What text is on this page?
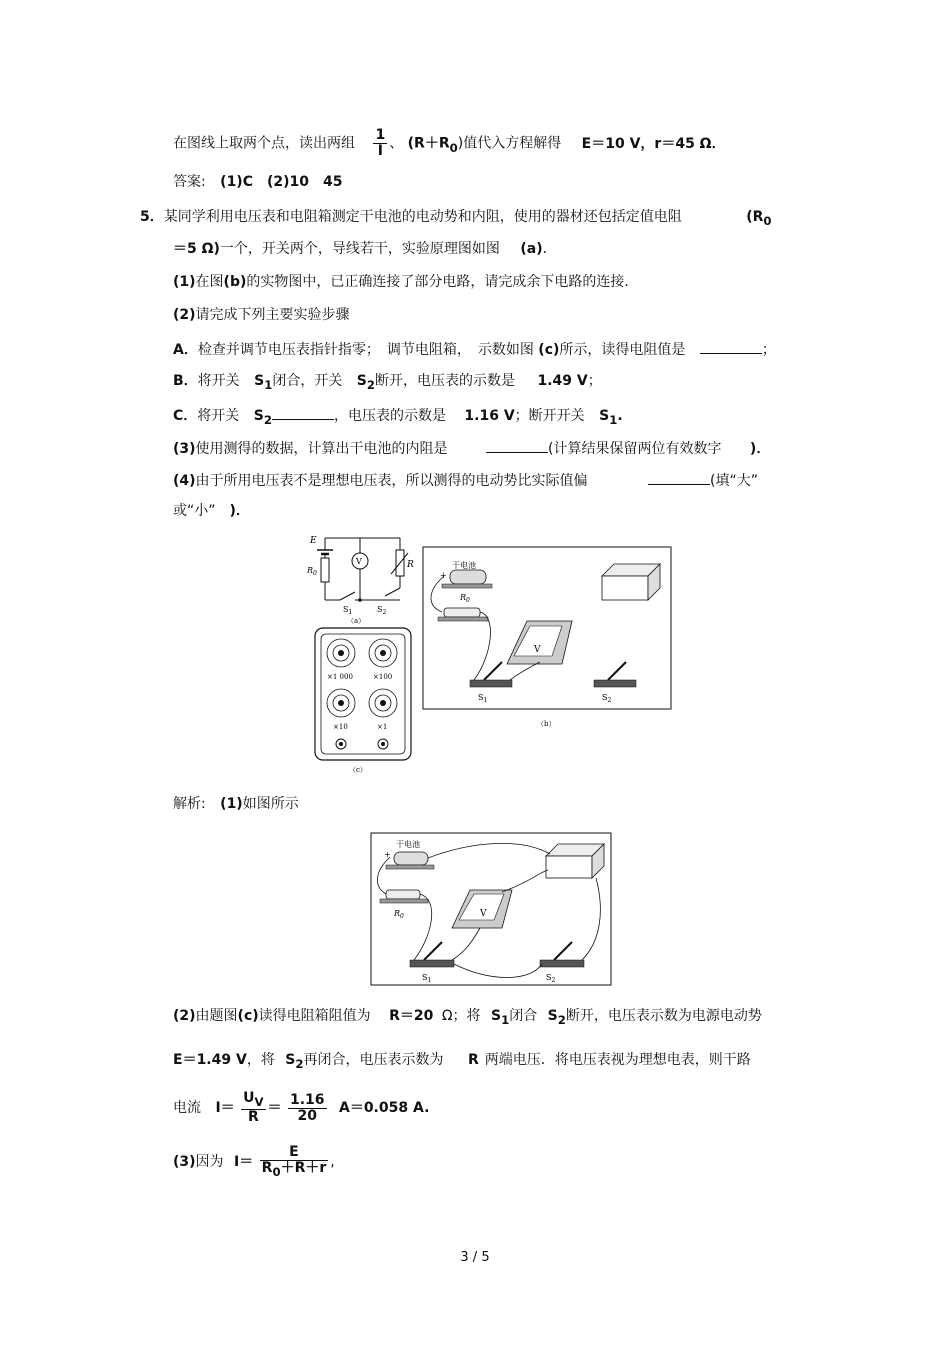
在图线上取两个点，读出两组 $\frac{1}{I}$ 、 $(R+R_0)$值代入方程解得 E＝10 V，r＝45 Ω．
答案: (1)C　(2)10　45
5．某同学利用电压表和电阻箱测定干电池的电动势和内阻，使用的器材还包括定值电阻	($R_0$
＝5 Ω)一个，开关两个，导线若干，实验原理图如图 (a)．
(1)在图(b)的实物图中，已正确连接了部分电路，请完成余下电路的连接．
(2)请完成下列主要实验步骤
A．检查并调节电压表指针指零；　调节电阻箱，　示数如图 (c)所示，读得电阻值是	；
B．将开关 $S_1$闭合，开关 $S_2$断开，电压表的示数是 1.49 V；
C．将开关 $S_2$	，电压表的示数是 1.16 V；断开开关 $S_1$.
(3)使用测得的数据，计算出干电池的内阻是	(计算结果保留两位有效数字 )．
(4)由于所用电压表不是理想电压表，所以测得的电动势比实际值偏	(填“大”
或“小” )．
E
V	R
$R_0$
$S_1$	$S_2$
（a）
×1 000	×100
×10	×1
（c）
干电池
+
$R_0$
V
$S_1$	$S_2$
（b）
解析: (1)如图所示
干电池
+
$R_0$	V
$S_1$	$S_2$
(2)由题图(c)读得电阻箱阻值为 R＝20 Ω；将 $S_1$闭合 $S_2$断开，电压表示数为电源电动势
E＝1.49 V，将 $S_2$再闭合，电压表示数为 R 两端电压．将电压表视为理想电表，则干路
电流 $I= \frac{U_V}{R} = \frac{1.16}{20} A=0.058$ A.
(3)因为 $I= \frac{E}{R_0+R+r}$ ,
3 / 5
